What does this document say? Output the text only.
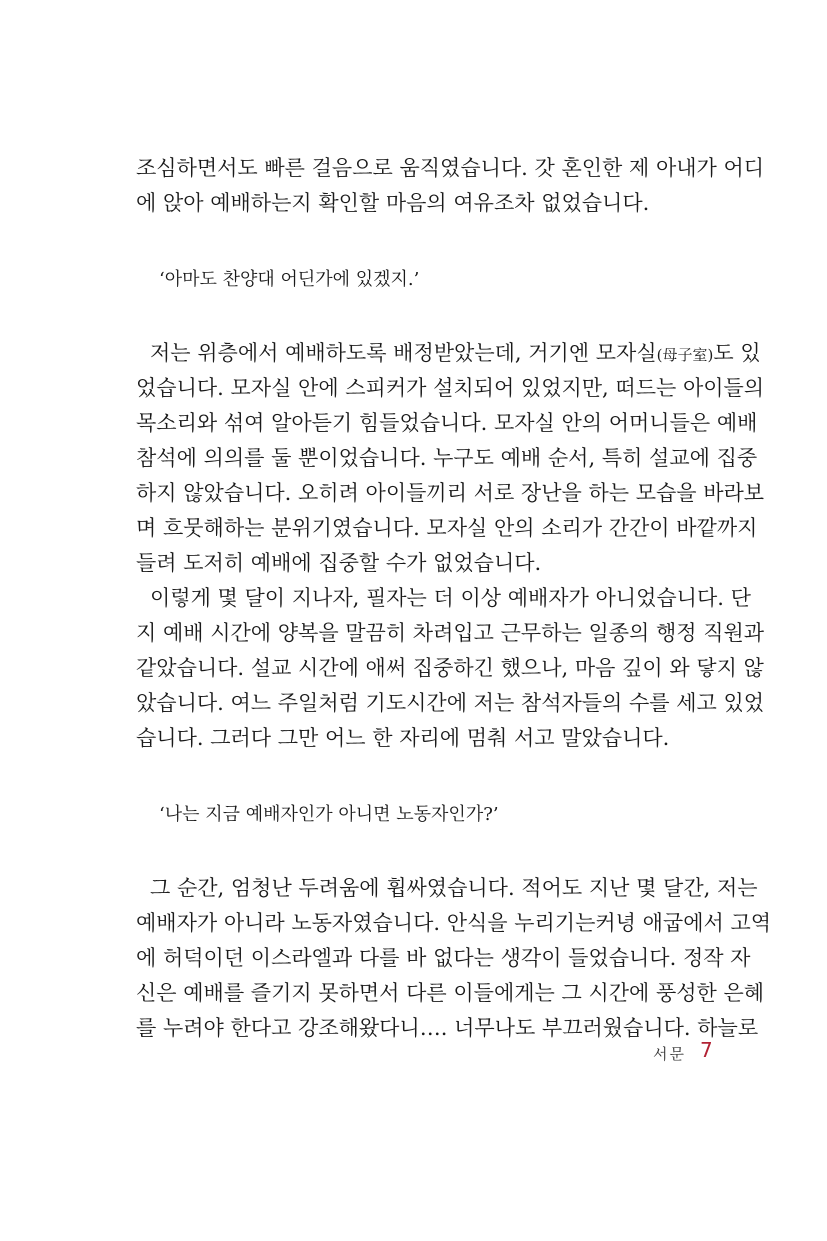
조심하면서도 빠른 걸음으로 움직였습니다. 갓 혼인한 제 아내가 어디
에 앉아 예배하는지 확인할 마음의 여유조차 없었습니다.
‘아마도 찬양대 어딘가에 있겠지.’
저는 위층에서 예배하도록 배정받았는데, 거기엔 모자실(母子室)도 있
었습니다. 모자실 안에 스피커가 설치되어 있었지만, 떠드는 아이들의
목소리와 섞여 알아듣기 힘들었습니다. 모자실 안의 어머니들은 예배
참석에 의의를 둘 뿐이었습니다. 누구도 예배 순서, 특히 설교에 집중
하지 않았습니다. 오히려 아이들끼리 서로 장난을 하는 모습을 바라보
며 흐뭇해하는 분위기였습니다. 모자실 안의 소리가 간간이 바깥까지
들려 도저히 예배에 집중할 수가 없었습니다.
이렇게 몇 달이 지나자, 필자는 더 이상 예배자가 아니었습니다. 단
지 예배 시간에 양복을 말끔히 차려입고 근무하는 일종의 행정 직원과
같았습니다. 설교 시간에 애써 집중하긴 했으나, 마음 깊이 와 닿지 않
았습니다. 여느 주일처럼 기도시간에 저는 참석자들의 수를 세고 있었
습니다. 그러다 그만 어느 한 자리에 멈춰 서고 말았습니다.
‘나는 지금 예배자인가 아니면 노동자인가?’
그 순간, 엄청난 두려움에 휩싸였습니다. 적어도 지난 몇 달간, 저는
예배자가 아니라 노동자였습니다. 안식을 누리기는커녕 애굽에서 고역
에 허덕이던 이스라엘과 다를 바 없다는 생각이 들었습니다. 정작 자
신은 예배를 즐기지 못하면서 다른 이들에게는 그 시간에 풍성한 은혜
를 누려야 한다고 강조해왔다니…. 너무나도 부끄러웠습니다. 하늘로
서문 7
